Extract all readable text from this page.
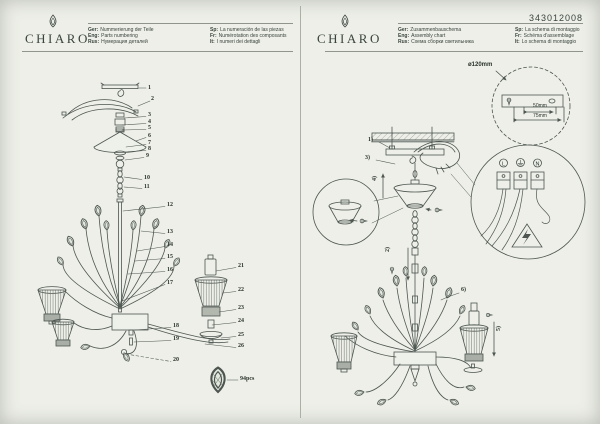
CHIARO
Ger: Nummerierung der Teile
Eng: Parts numbering
Rus: Нумерация деталей
Sp: La numeración de las piezas
Fr: Numérotation des composants
It: I numeri dei dettagli
1
2
3
4
5
6
7
8
9
10
11
12
13
14
15
16
17
18
19
20
21
22
23
24
25
26
94pcs
CHIARO
343012008
Ger: Zusammenbauschema
Eng: Assembly chart
Rus: Схема сборки светильника
Sp: La schema di montaggio
Fr: Schéma d'assemblage
It: Lo schema di montaggio
L	N
ø120mm
50mm
75mm
1)
3)
4)
2)
5)
6)
